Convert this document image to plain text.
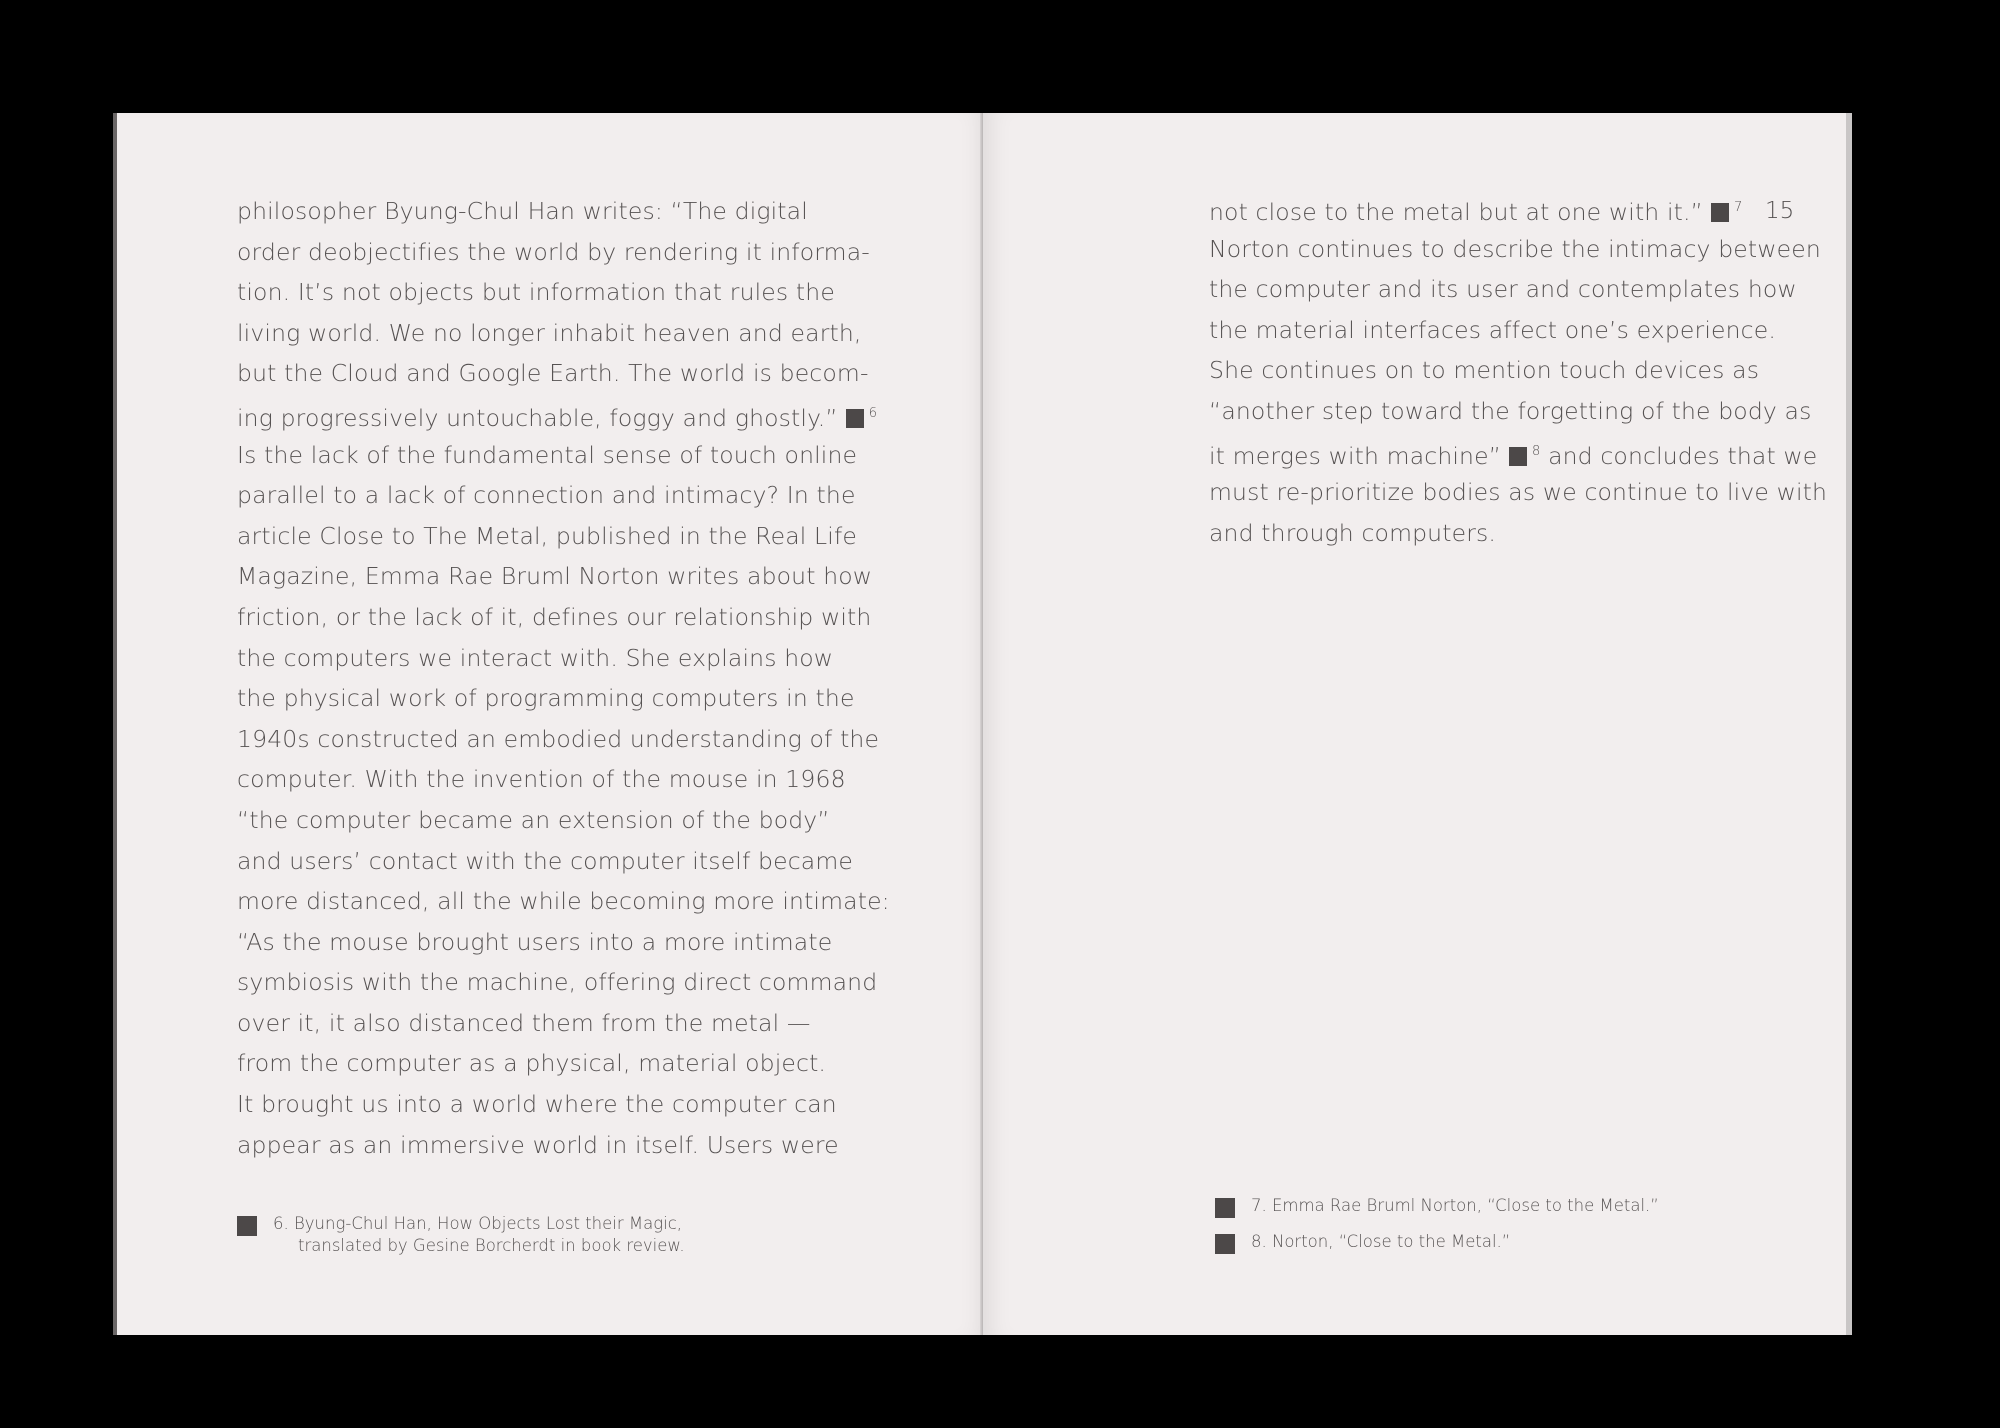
philosopher Byung-Chul Han writes: “The digital
order deobjectifies the world by rendering it informa-
tion. It’s not objects but information that rules the
living world. We no longer inhabit heaven and earth,
but the Cloud and Google Earth. The world is becom-
ing progressively untouchable, foggy and ghostly.” $^6$
Is the lack of the fundamental sense of touch online
parallel to a lack of connection and intimacy? In the
article Close to The Metal, published in the Real Life
Magazine, Emma Rae Bruml Norton writes about how
friction, or the lack of it, defines our relationship with
the computers we interact with. She explains how
the physical work of programming computers in the
1940s constructed an embodied understanding of the
computer. With the invention of the mouse in 1968
“the computer became an extension of the body”
and users’ contact with the computer itself became
more distanced, all the while becoming more intimate:
“As the mouse brought users into a more intimate
symbiosis with the machine, offering direct command
over it, it also distanced them from the metal —
from the computer as a physical, material object.
It brought us into a world where the computer can
appear as an immersive world in itself. Users were
6. Byung-Chul Han, How Objects Lost their Magic,
translated by Gesine Borcherdt in book review.
15
not close to the metal but at one with it.” $^7$
Norton continues to describe the intimacy between
the computer and its user and contemplates how
the material interfaces affect one’s experience.
She continues on to mention touch devices as
“another step toward the forgetting of the body as
it merges with machine” $^8$ and concludes that we
must re-prioritize bodies as we continue to live with
and through computers.
7. Emma Rae Bruml Norton, “Close to the Metal.”
8. Norton, “Close to the Metal.”
